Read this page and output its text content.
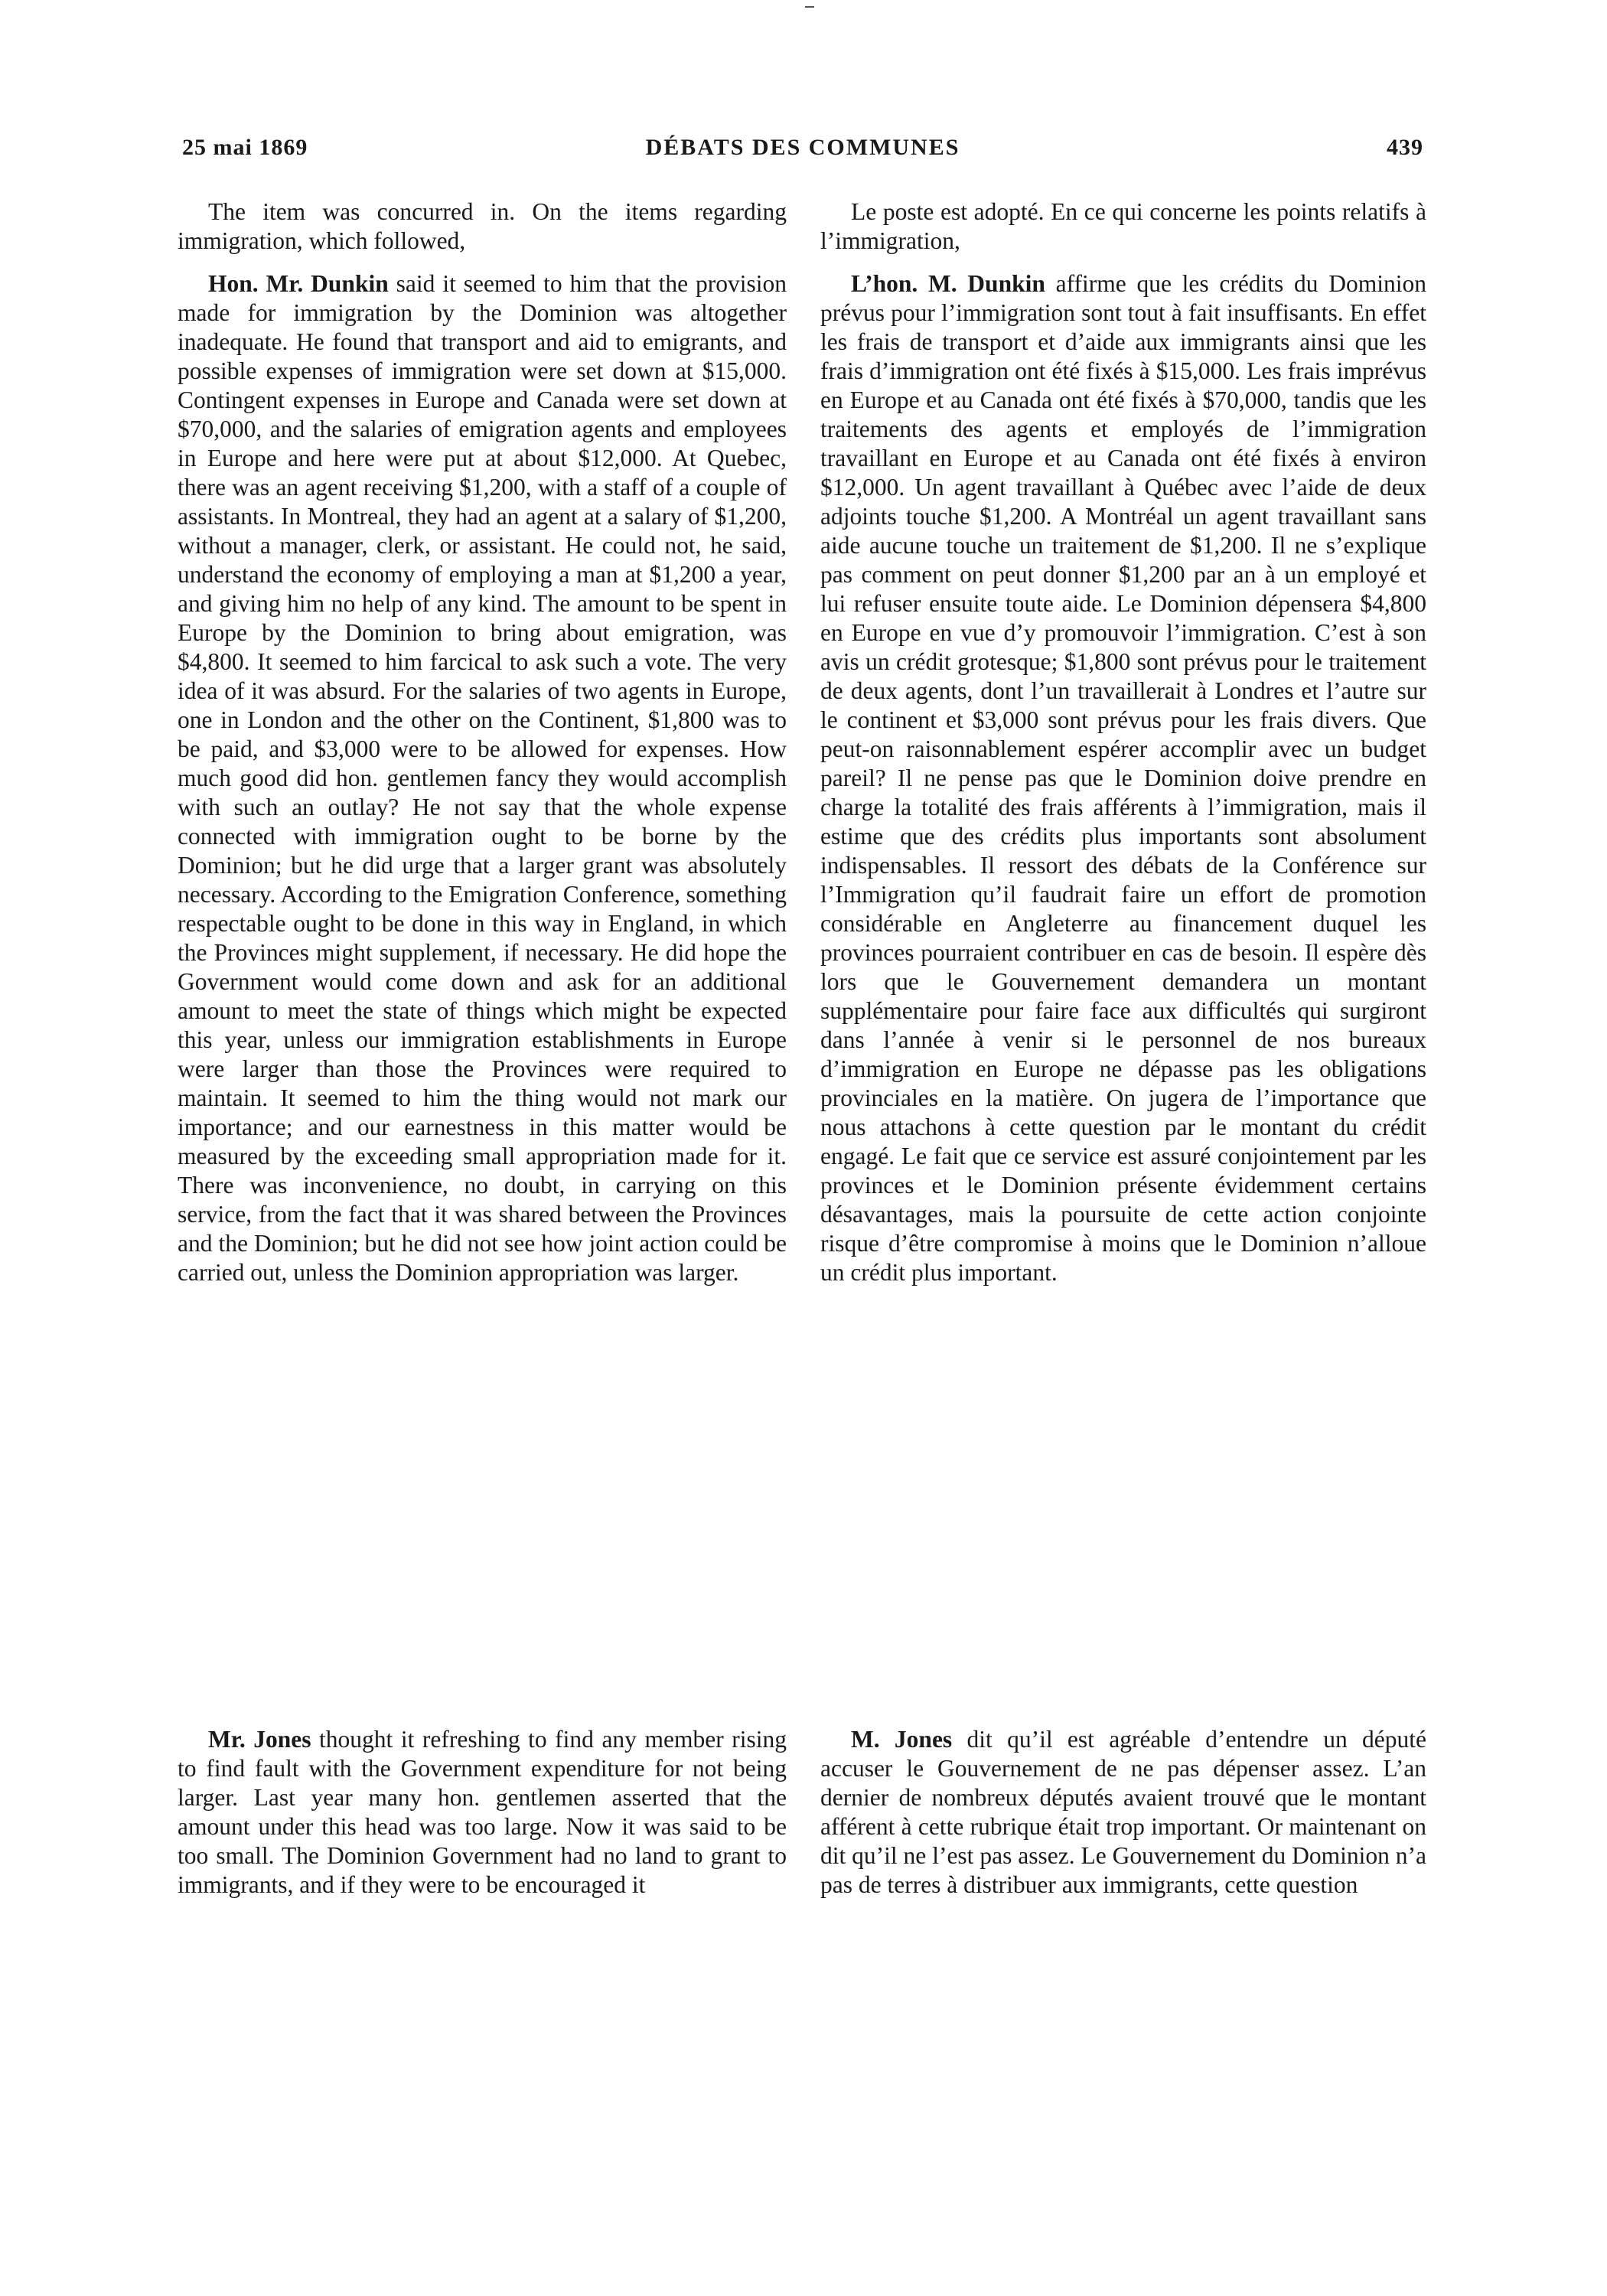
25 mai 1869	DÉBATS DES COMMUNES	439

The item was concurred in. On the items regarding immigration, which followed,

Le poste est adopté. En ce qui concerne les points relatifs à l’immigration,

Hon. Mr. Dunkin said it seemed to him that the provision made for immigration by the Dominion was altogether inadequate. He found that transport and aid to emigrants, and possible expenses of immigration were set down at $15,000. Contingent expenses in Europe and Canada were set down at $70,000, and the salaries of emigration agents and employees in Europe and here were put at about $12,000. At Quebec, there was an agent receiving $1,200, with a staff of a couple of assistants. In Montreal, they had an agent at a salary of $1,200, without a manager, clerk, or assistant. He could not, he said, understand the economy of employing a man at $1,200 a year, and giving him no help of any kind. The amount to be spent in Europe by the Dominion to bring about emigration, was $4,800. It seemed to him farcical to ask such a vote. The very idea of it was absurd. For the salaries of two agents in Europe, one in London and the other on the Continent, $1,800 was to be paid, and $3,000 were to be allowed for expenses. How much good did hon. gentlemen fancy they would accomplish with such an outlay? He not say that the whole expense connected with immigration ought to be borne by the Dominion; but he did urge that a larger grant was absolutely necessary. According to the Emigration Conference, something respectable ought to be done in this way in England, in which the Provinces might supplement, if necessary. He did hope the Government would come down and ask for an additional amount to meet the state of things which might be expected this year, unless our immigration establishments in Europe were larger than those the Provinces were required to maintain. It seemed to him the thing would not mark our importance; and our earnestness in this matter would be measured by the exceeding small appropriation made for it. There was inconvenience, no doubt, in carrying on this service, from the fact that it was shared between the Provinces and the Dominion; but he did not see how joint action could be carried out, unless the Dominion appropriation was larger.

L’hon. M. Dunkin affirme que les crédits du Dominion prévus pour l’immigration sont tout à fait insuffisants. En effet les frais de transport et d’aide aux immigrants ainsi que les frais d’immigration ont été fixés à $15,000. Les frais imprévus en Europe et au Canada ont été fixés à $70,000, tandis que les traitements des agents et employés de l’immigration travaillant en Europe et au Canada ont été fixés à environ $12,000. Un agent travaillant à Québec avec l’aide de deux adjoints touche $1,200. A Montréal un agent travaillant sans aide aucune touche un traitement de $1,200. Il ne s’explique pas comment on peut donner $1,200 par an à un employé et lui refuser ensuite toute aide. Le Dominion dépensera $4,800 en Europe en vue d’y promouvoir l’immigration. C’est à son avis un crédit grotesque; $1,800 sont prévus pour le traitement de deux agents, dont l’un travaillerait à Londres et l’autre sur le continent et $3,000 sont prévus pour les frais divers. Que peut-on raisonnablement espérer accomplir avec un budget pareil? Il ne pense pas que le Dominion doive prendre en charge la totalité des frais afférents à l’immigration, mais il estime que des crédits plus importants sont absolument indispensables. Il ressort des débats de la Conférence sur l’Immigration qu’il faudrait faire un effort de promotion considérable en Angleterre au financement duquel les provinces pourraient contribuer en cas de besoin. Il espère dès lors que le Gouvernement demandera un montant supplémentaire pour faire face aux difficultés qui surgiront dans l’année à venir si le personnel de nos bureaux d’immigration en Europe ne dépasse pas les obligations provinciales en la matière. On jugera de l’importance que nous attachons à cette question par le montant du crédit engagé. Le fait que ce service est assuré conjointement par les provinces et le Dominion présente évidemment certains désavantages, mais la poursuite de cette action conjointe risque d’être compromise à moins que le Dominion n’alloue un crédit plus important.

Mr. Jones thought it refreshing to find any member rising to find fault with the Government expenditure for not being larger. Last year many hon. gentlemen asserted that the amount under this head was too large. Now it was said to be too small. The Dominion Government had no land to grant to immigrants, and if they were to be encouraged it

M. Jones dit qu’il est agréable d’entendre un député accuser le Gouvernement de ne pas dépenser assez. L’an dernier de nombreux députés avaient trouvé que le montant afférent à cette rubrique était trop important. Or maintenant on dit qu’il ne l’est pas assez. Le Gouvernement du Dominion n’a pas de terres à distribuer aux immigrants, cette question
